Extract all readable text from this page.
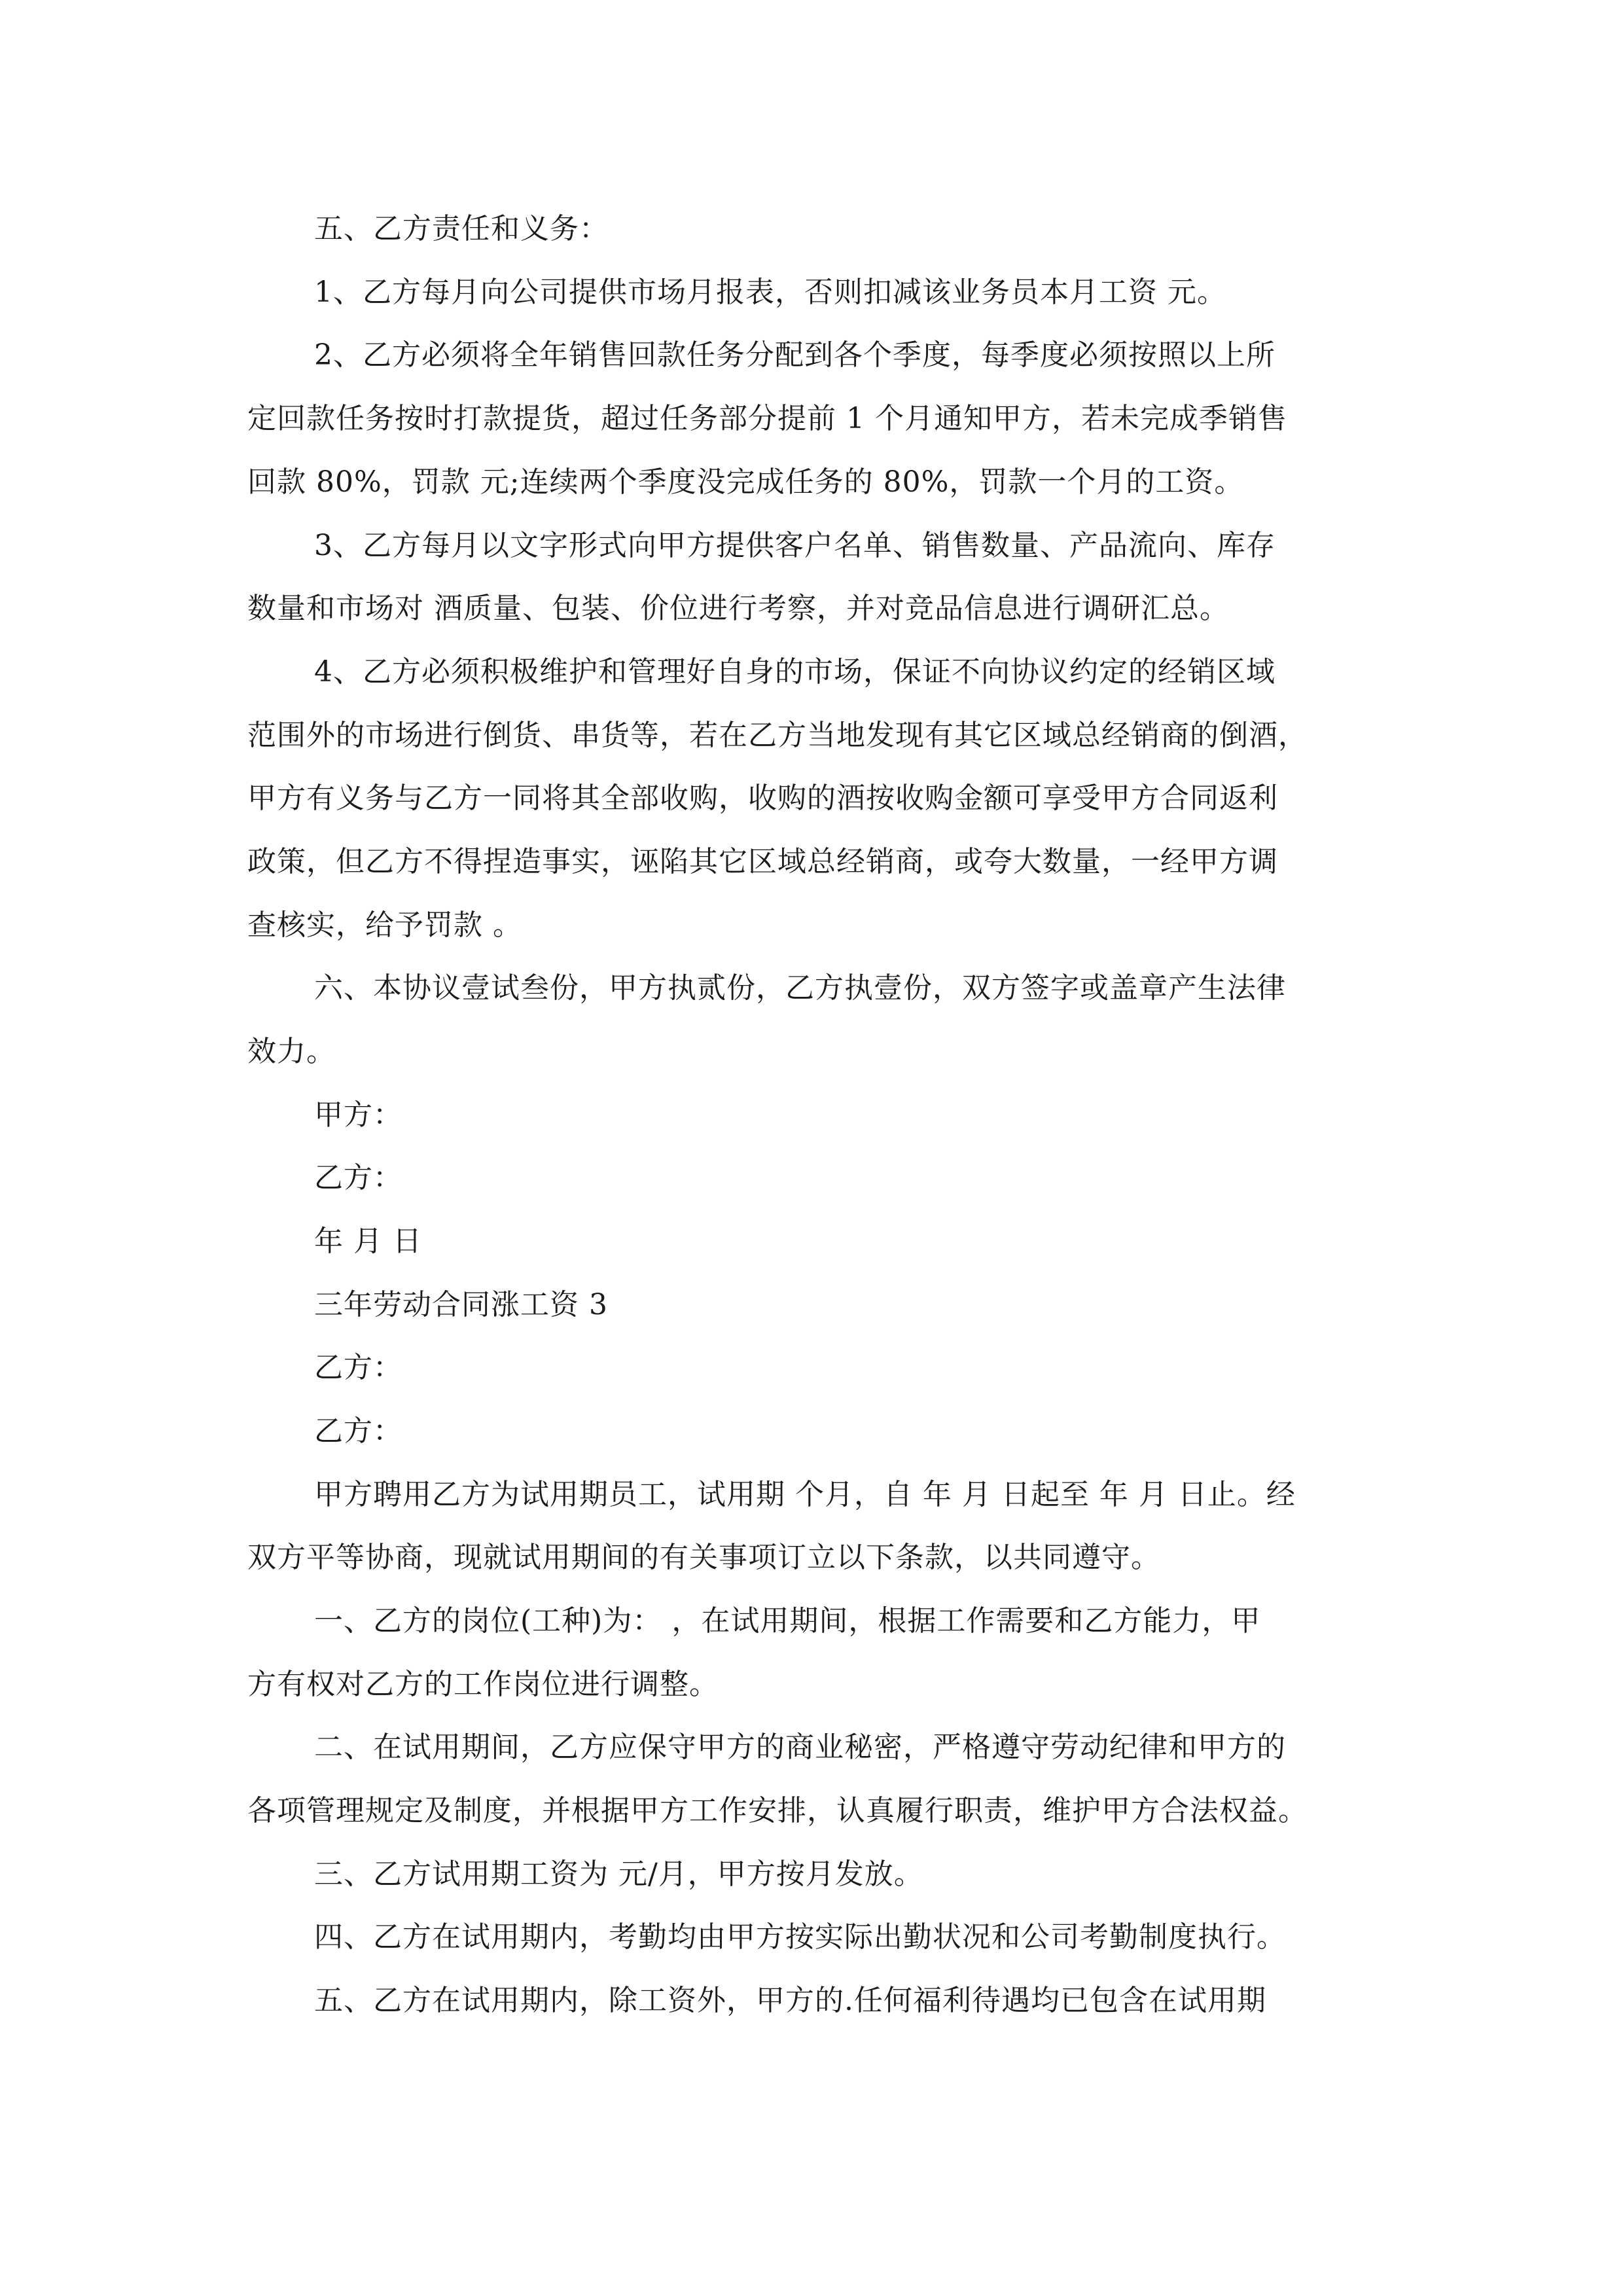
五、乙方责任和义务：
1、乙方每月向公司提供市场月报表，否则扣减该业务员本月工资 元。
2、乙方必须将全年销售回款任务分配到各个季度，每季度必须按照以上所
定回款任务按时打款提货，超过任务部分提前 1 个月通知甲方，若未完成季销售
回款 80%，罚款 元;连续两个季度没完成任务的 80%，罚款一个月的工资。
3、乙方每月以文字形式向甲方提供客户名单、销售数量、产品流向、库存
数量和市场对 酒质量、包装、价位进行考察，并对竞品信息进行调研汇总。
4、乙方必须积极维护和管理好自身的市场，保证不向协议约定的经销区域
范围外的市场进行倒货、串货等，若在乙方当地发现有其它区域总经销商的倒酒，
甲方有义务与乙方一同将其全部收购，收购的酒按收购金额可享受甲方合同返利
政策，但乙方不得捏造事实，诬陷其它区域总经销商，或夸大数量，一经甲方调
查核实，给予罚款 。
六、本协议壹试叁份，甲方执贰份，乙方执壹份，双方签字或盖章产生法律
效力。
甲方：
乙方：
年 月 日
三年劳动合同涨工资 3
乙方：
乙方：
甲方聘用乙方为试用期员工，试用期 个月，自 年 月 日起至 年 月 日止。经
双方平等协商，现就试用期间的有关事项订立以下条款，以共同遵守。
一、乙方的岗位(工种)为： ，在试用期间，根据工作需要和乙方能力，甲
方有权对乙方的工作岗位进行调整。
二、在试用期间，乙方应保守甲方的商业秘密，严格遵守劳动纪律和甲方的
各项管理规定及制度，并根据甲方工作安排，认真履行职责，维护甲方合法权益。
三、乙方试用期工资为 元/月，甲方按月发放。
四、乙方在试用期内，考勤均由甲方按实际出勤状况和公司考勤制度执行。
五、乙方在试用期内，除工资外，甲方的.任何福利待遇均已包含在试用期
